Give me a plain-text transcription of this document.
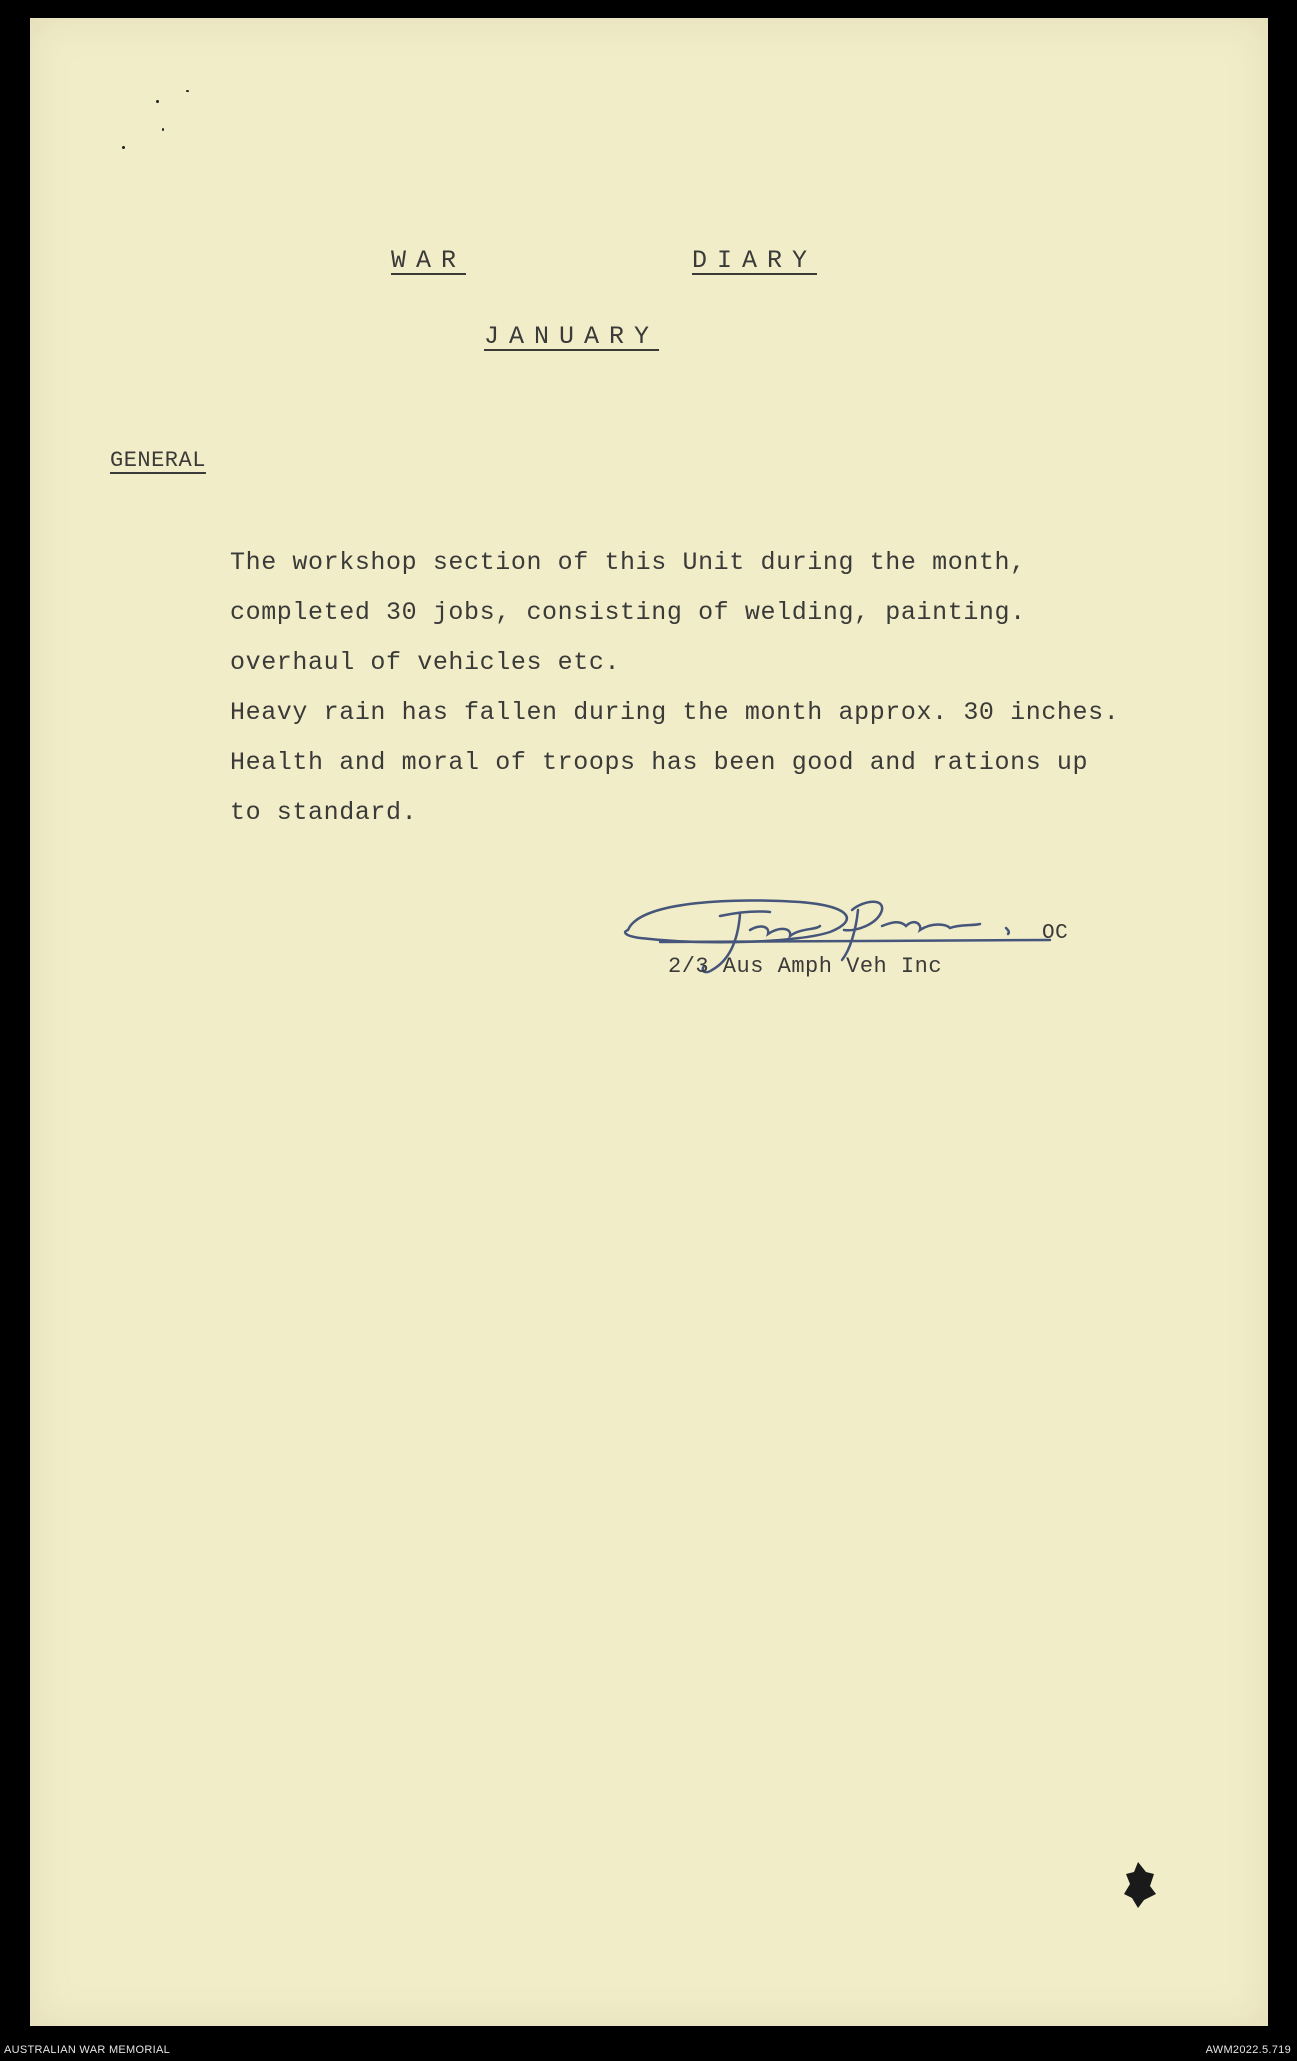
WAR	DIARY
JANUARY
GENERAL
The workshop section of this Unit during the month,
completed 30 jobs, consisting of welding, painting.
overhaul of vehicles etc.
Heavy rain has fallen during the month approx. 30 inches.
Health and moral of troops has been good and rations up
to standard.
OC
2/3 Aus Amph Veh Inc
AUSTRALIAN WAR MEMORIAL	AWM2022.5.719
